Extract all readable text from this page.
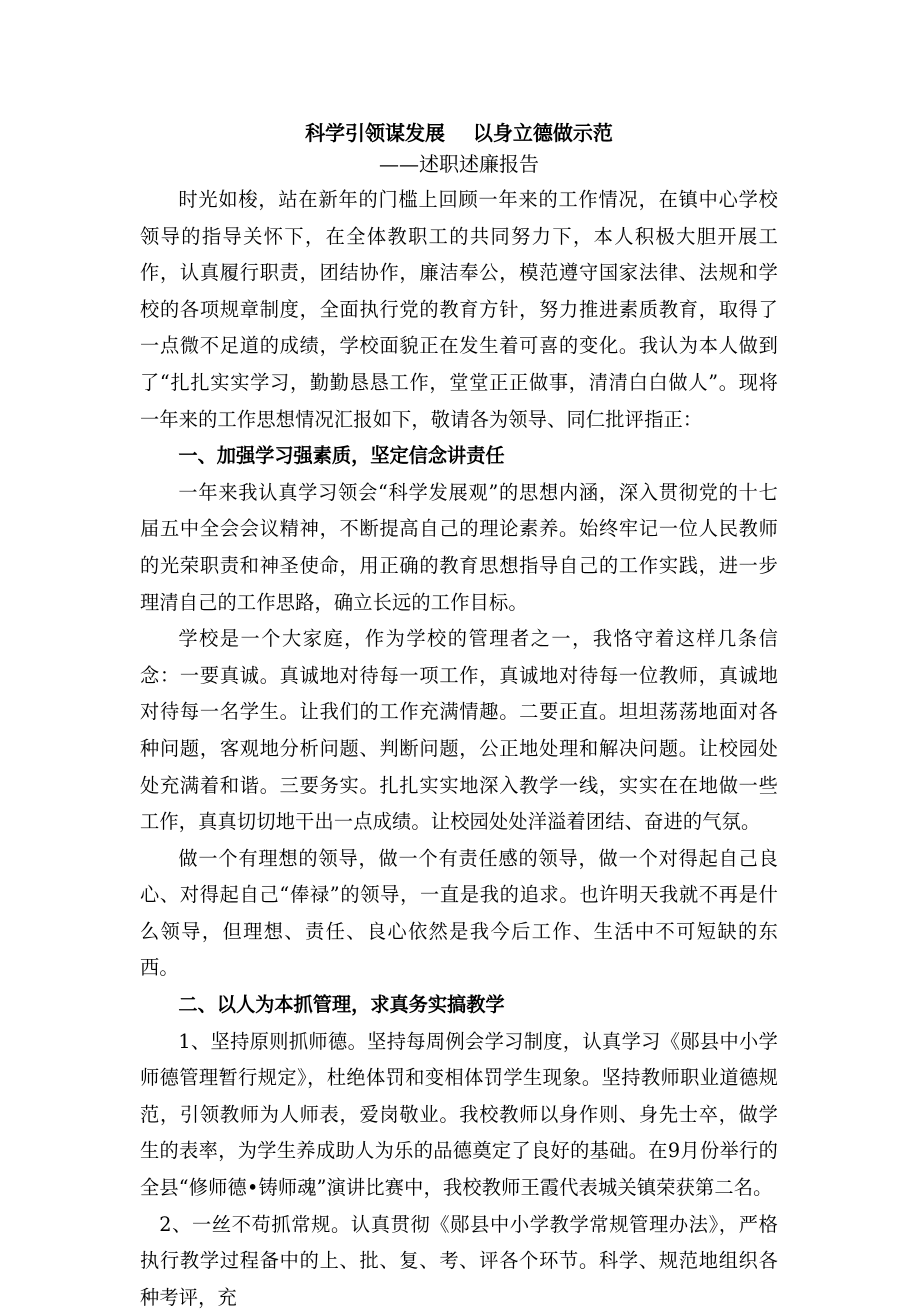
科学引领谋发展    以身立德做示范
——述职述廉报告

时光如梭，站在新年的门槛上回顾一年来的工作情况，在镇中心学校领导的指导关怀下，在全体教职工的共同努力下，本人积极大胆开展工作，认真履行职责，团结协作，廉洁奉公，模范遵守国家法律、法规和学校的各项规章制度，全面执行党的教育方针，努力推进素质教育，取得了一点微不足道的成绩，学校面貌正在发生着可喜的变化。我认为本人做到了“扎扎实实学习，勤勤恳恳工作，堂堂正正做事，清清白白做人”。现将一年来的工作思想情况汇报如下，敬请各为领导、同仁批评指正：

一、加强学习强素质，坚定信念讲责任

一年来我认真学习领会“科学发展观”的思想内涵，深入贯彻党的十七届五中全会会议精神，不断提高自己的理论素养。始终牢记一位人民教师的光荣职责和神圣使命，用正确的教育思想指导自己的工作实践，进一步理清自己的工作思路，确立长远的工作目标。

学校是一个大家庭，作为学校的管理者之一，我恪守着这样几条信念：一要真诚。真诚地对待每一项工作，真诚地对待每一位教师，真诚地对待每一名学生。让我们的工作充满情趣。二要正直。坦坦荡荡地面对各种问题，客观地分析问题、判断问题，公正地处理和解决问题。让校园处处充满着和谐。三要务实。扎扎实实地深入教学一线，实实在在地做一些工作，真真切切地干出一点成绩。让校园处处洋溢着团结、奋进的气氛。

做一个有理想的领导，做一个有责任感的领导，做一个对得起自己良心、对得起自己“俸禄”的领导，一直是我的追求。也许明天我就不再是什么领导，但理想、责任、良心依然是我今后工作、生活中不可短缺的东西。

二、以人为本抓管理，求真务实搞教学

1、坚持原则抓师德。坚持每周例会学习制度，认真学习《郧县中小学师德管理暂行规定》，杜绝体罚和变相体罚学生现象。坚持教师职业道德规范，引领教师为人师表，爱岗敬业。我校教师以身作则、身先士卒，做学生的表率，为学生养成助人为乐的品德奠定了良好的基础。在9月份举行的全县“修师德•铸师魂”演讲比赛中，我校教师王霞代表城关镇荣获第二名。

2、一丝不苟抓常规。认真贯彻《郧县中小学教学常规管理办法》，严格执行教学过程备中的上、批、复、考、评各个环节。科学、规范地组织各种考评，充
